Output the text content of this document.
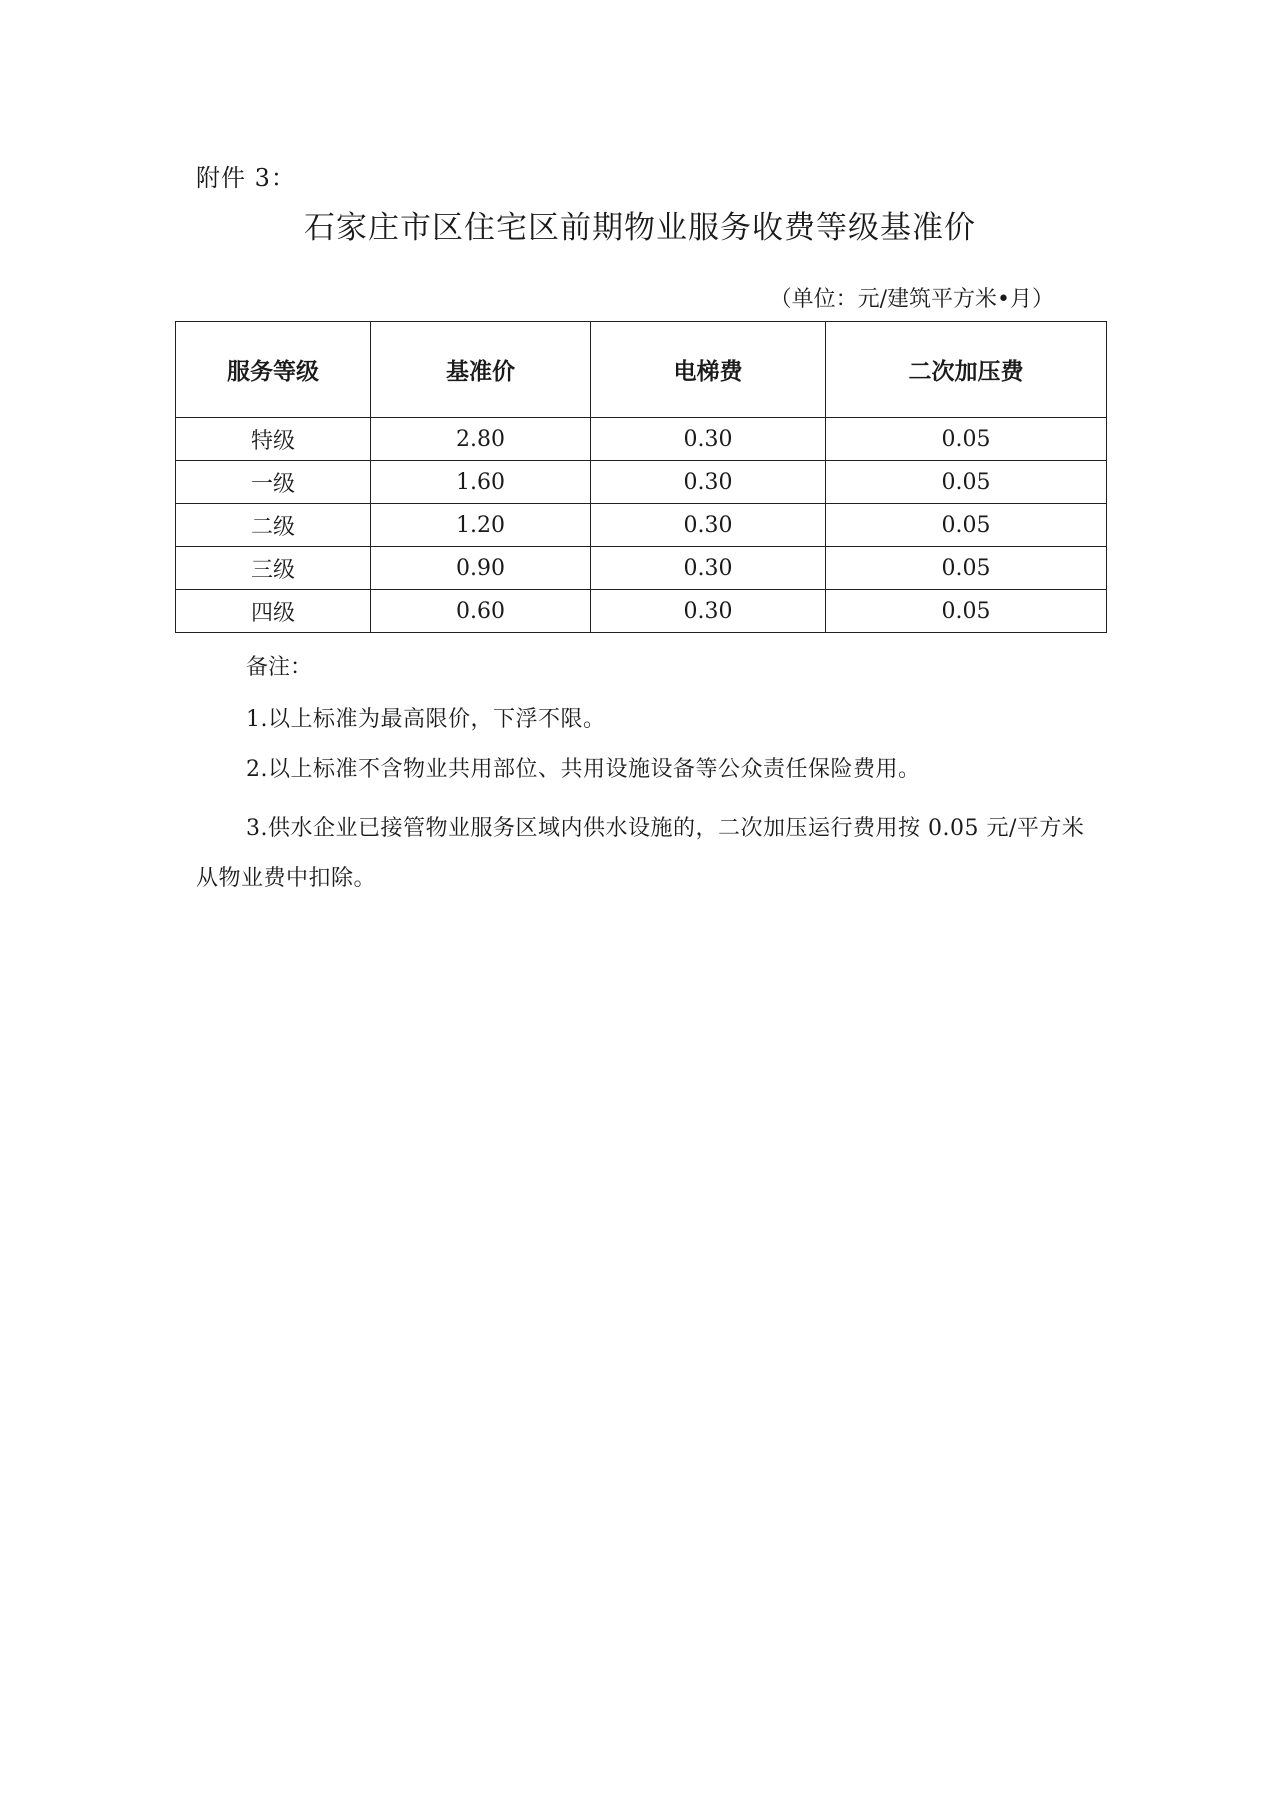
附件 3：
石家庄市区住宅区前期物业服务收费等级基准价
（单位：元/建筑平方米•月）
服务等级	基准价	电梯费	二次加压费
特级	2.80	0.30	0.05
一级	1.60	0.30	0.05
二级	1.20	0.30	0.05
三级	0.90	0.30	0.05
四级	0.60	0.30	0.05
备注：
1.以上标准为最高限价，下浮不限。
2.以上标准不含物业共用部位、共用设施设备等公众责任保险费用。
3.供水企业已接管物业服务区域内供水设施的，二次加压运行费用按 0.05 元/平方米从物业费中扣除。
